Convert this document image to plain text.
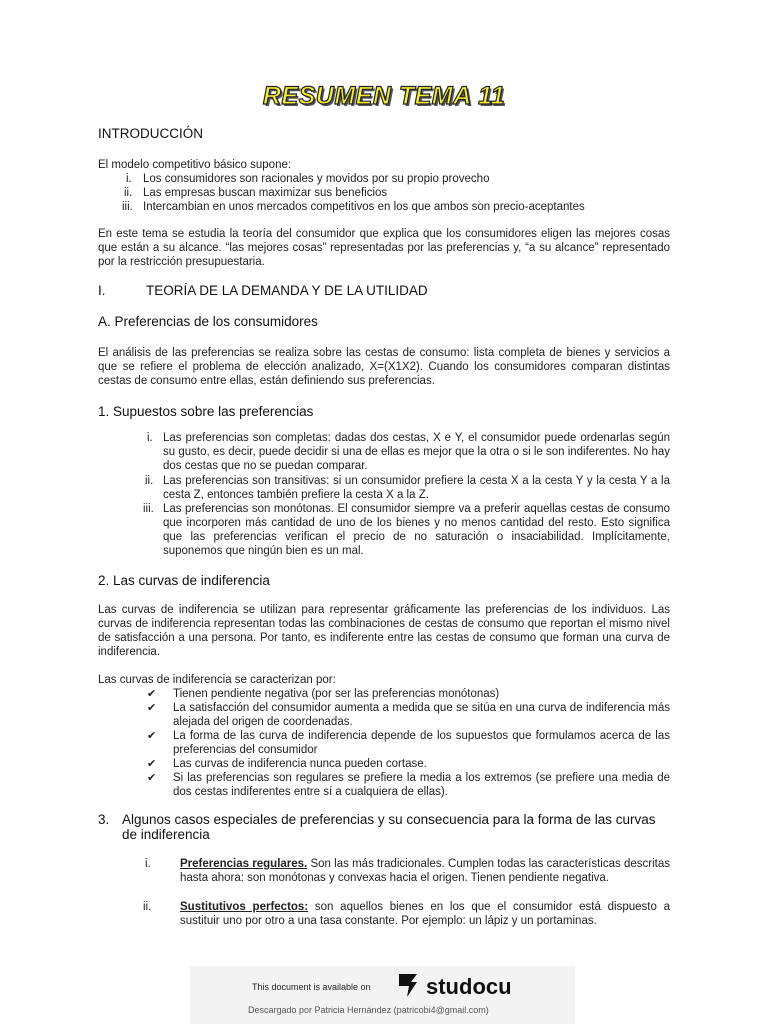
RESUMEN TEMA 11
INTRODUCCIÓN
El modelo competitivo básico supone:
i. Los consumidores son racionales y movidos por su propio provecho
ii. Las empresas buscan maximizar sus beneficios
iii. Intercambian en unos mercados competitivos en los que ambos son precio-aceptantes
En este tema se estudia la teoría del consumidor que explica que los consumidores eligen las mejores cosas que están a su alcance. “las mejores cosas” representadas por las preferencias y, “a su alcance” representado por la restricción presupuestaria.
I.	TEORÍA DE LA DEMANDA Y DE LA UTILIDAD
A. Preferencias de los consumidores
El análisis de las preferencias se realiza sobre las cestas de consumo: lista completa de bienes y servicios a que se refiere el problema de elección analizado, X=(X1X2). Cuando los consumidores comparan distintas cestas de consumo entre ellas, están definiendo sus preferencias.
1. Supuestos sobre las preferencias
i. Las preferencias son completas: dadas dos cestas, X e Y, el consumidor puede ordenarlas según su gusto, es decir, puede decidir si una de ellas es mejor que la otra o si le son indiferentes. No hay dos cestas que no se puedan comparar.
ii. Las preferencias son transitivas: si un consumidor prefiere la cesta X a la cesta Y y la cesta Y a la cesta Z, entonces también prefiere la cesta X a la Z.
iii. Las preferencias son monótonas. El consumidor siempre va a preferir aquellas cestas de consumo que incorporen más cantidad de uno de los bienes y no menos cantidad del resto. Esto significa que las preferencias verifican el precio de no saturación o insaciabilidad. Implícitamente, suponemos que ningún bien es un mal.
2. Las curvas de indiferencia
Las curvas de indiferencia se utilizan para representar gráficamente las preferencias de los individuos. Las curvas de indiferencia representan todas las combinaciones de cestas de consumo que reportan el mismo nivel de satisfacción a una persona. Por tanto, es indiferente entre las cestas de consumo que forman una curva de indiferencia.
Las curvas de indiferencia se caracterizan por:
✔ Tienen pendiente negativa (por ser las preferencias monótonas)
✔ La satisfacción del consumidor aumenta a medida que se sitúa en una curva de indiferencia más alejada del origen de coordenadas.
✔ La forma de las curva de indiferencia depende de los supuestos que formulamos acerca de las preferencias del consumidor
✔ Las curvas de indiferencia nunca pueden cortase.
✔ Si las preferencias son regulares se prefiere la media a los extremos (se prefiere una media de dos cestas indiferentes entre sí a cualquiera de ellas).
3. Algunos casos especiales de preferencias y su consecuencia para la forma de las curvas de indiferencia
i.	Preferencias regulares. Son las más tradicionales. Cumplen todas las características descritas hasta ahora: son monótonas y convexas hacia el origen. Tienen pendiente negativa.
ii. Sustitutivos perfectos: son aquellos bienes en los que el consumidor está dispuesto a sustituir uno por otro a una tasa constante. Por ejemplo: un lápiz y un portaminas.
This document is available on	studocu
Descargado por Patricia Hernández (patricobi4@gmail.com)
